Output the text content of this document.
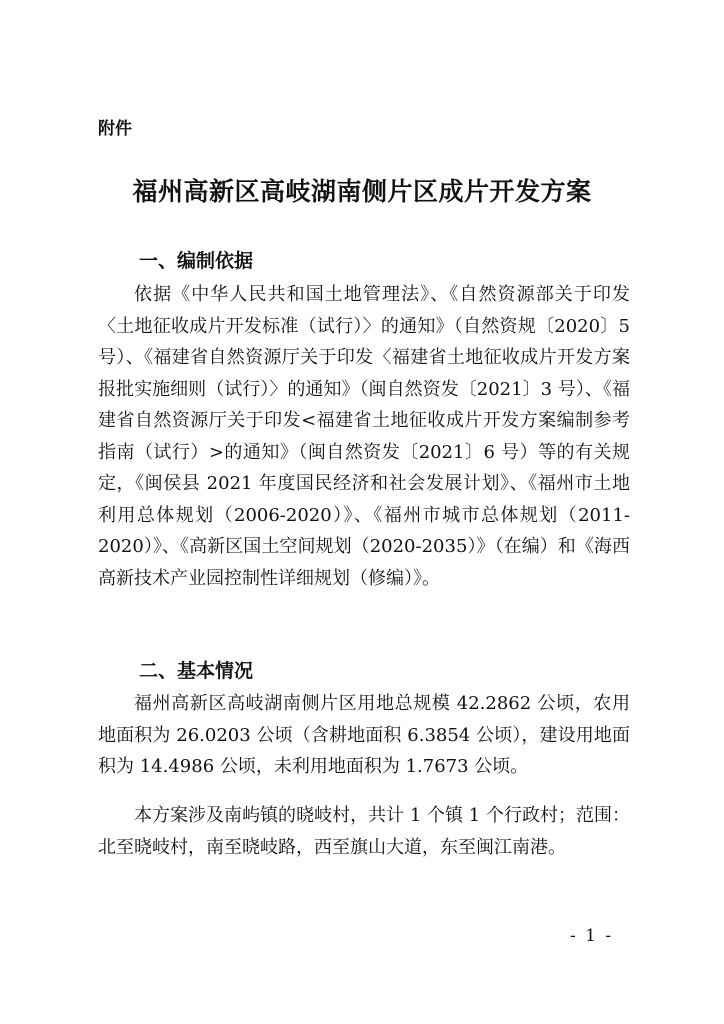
附件
福州高新区高岐湖南侧片区成片开发方案
一、编制依据

依据《中华人民共和国土地管理法》、《自然资源部关于印发 〈土地征收成片开发标准（试行）〉的通知》（自然资规〔2020〕5 号）、《福建省自然资源厅关于印发〈福建省土地征收成片开发方案报批实施细则（试行）〉的通知》（闽自然资发〔2021〕3 号）、《福建省自然资源厅关于印发<福建省土地征收成片开发方案编制参考指南（试行）>的通知》（闽自然资发〔2021〕6 号）等的有关规定，《闽侯县 2021 年度国民经济和社会发展计划》、《福州市土地利用总体规划（2006-2020）》、《福州市城市总体规划（2011-2020）》、《高新区国土空间规划（2020-2035）》（在编）和《海西高新技术产业园控制性详细规划（修编）》。

二、基本情况

福州高新区高岐湖南侧片区用地总规模 42.2862 公顷，农用地面积为 26.0203 公顷（含耕地面积 6.3854 公顷），建设用地面积为 14.4986 公顷，未利用地面积为 1.7673 公顷。

本方案涉及南屿镇的晓岐村，共计 1 个镇 1 个行政村；范围：北至晓岐村，南至晓岐路，西至旗山大道，东至闽江南港。

- 1 -
